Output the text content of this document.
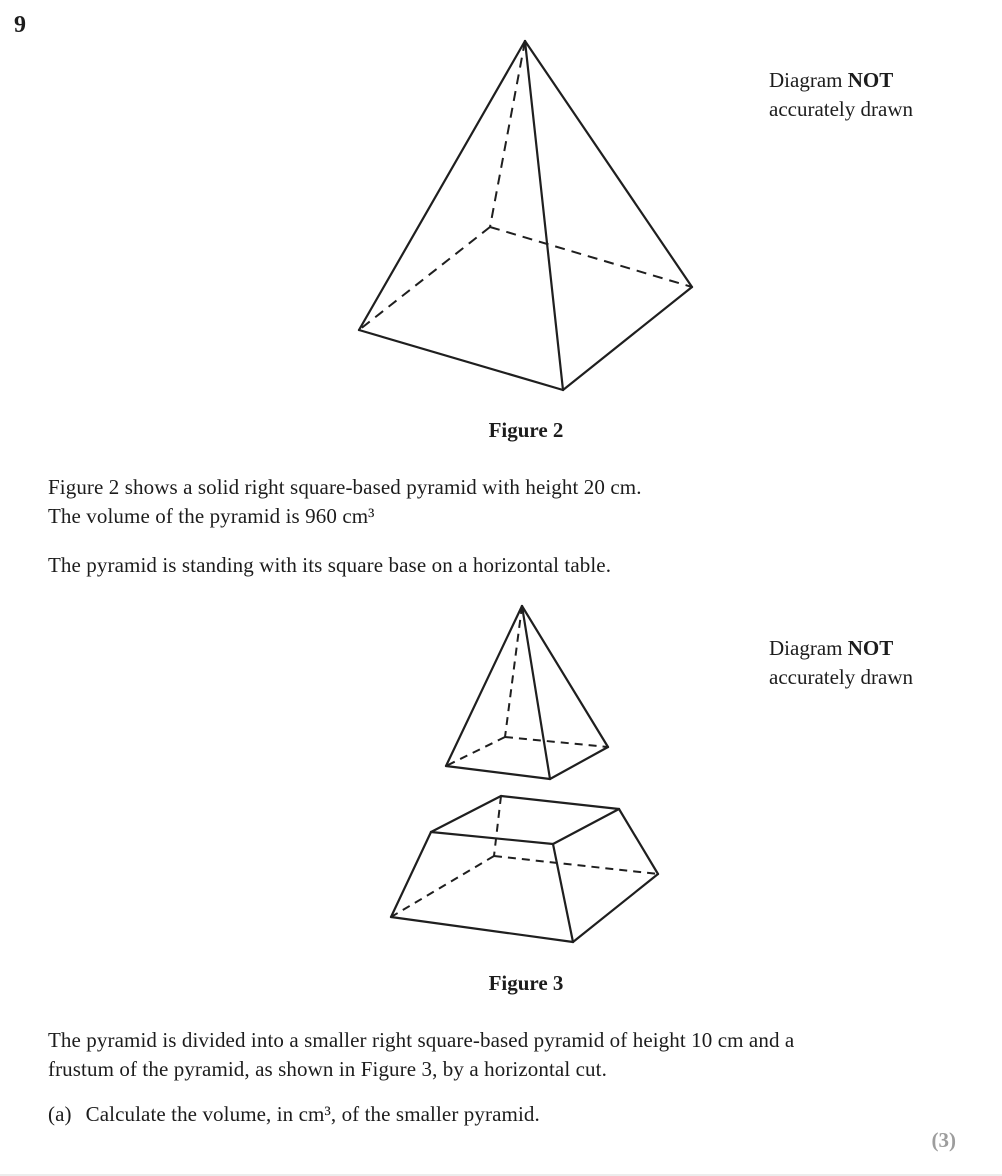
9
Diagram NOT
accurately drawn
Figure 2
Figure 2 shows a solid right square-based pyramid with height 20 cm.
The volume of the pyramid is 960 cm³
The pyramid is standing with its square base on a horizontal table.
Diagram NOT
accurately drawn
Figure 3
The pyramid is divided into a smaller right square-based pyramid of height 10 cm and a
frustum of the pyramid, as shown in Figure 3, by a horizontal cut.
(a) Calculate the volume, in cm³, of the smaller pyramid.
(3)
